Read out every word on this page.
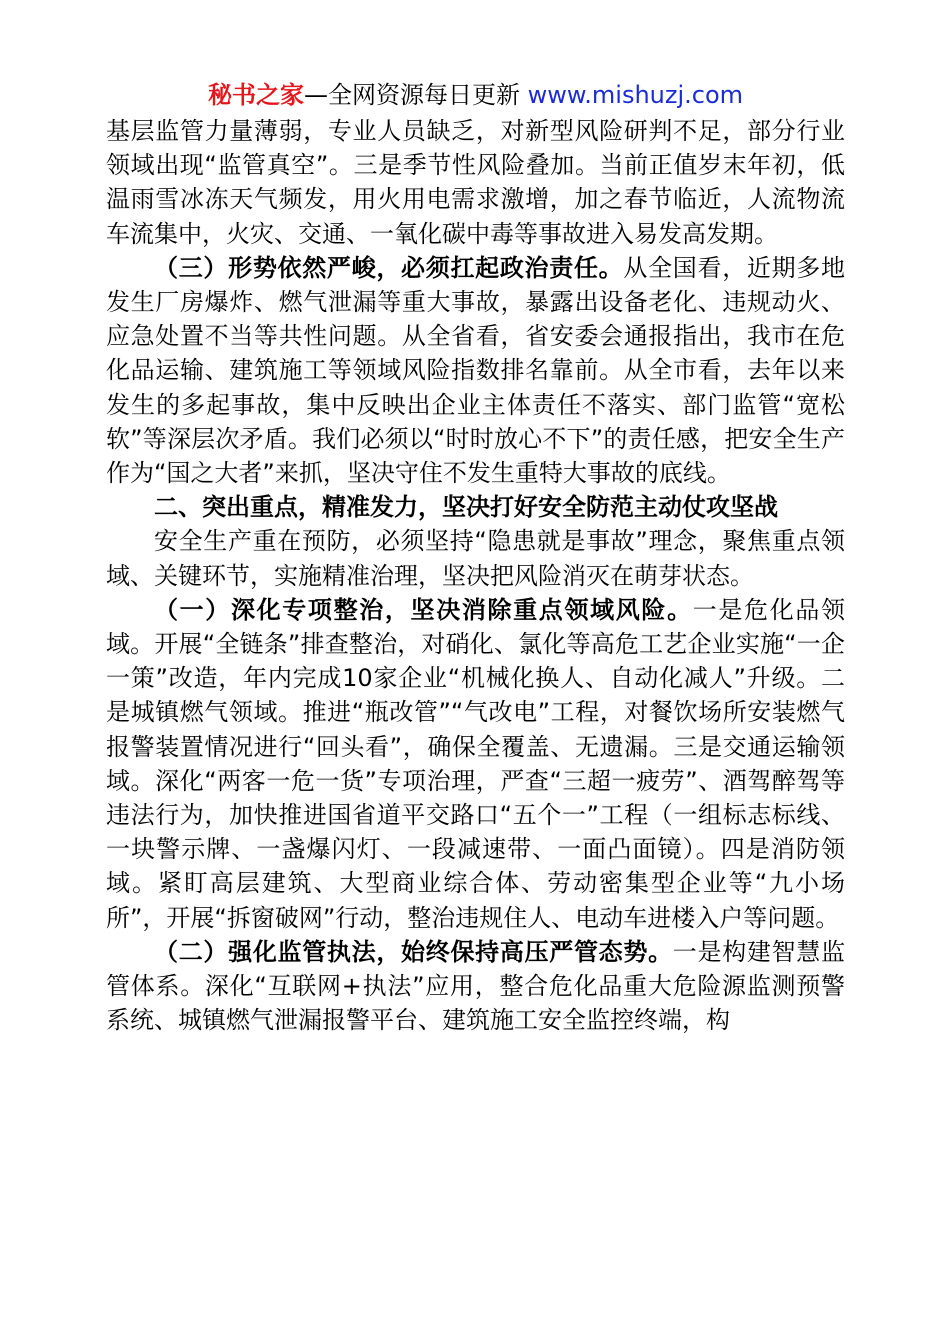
秘书之家—全网资源每日更新 www.mishuzj.com

基层监管力量薄弱，专业人员缺乏，对新型风险研判不足，部分行业领域出现“监管真空”。三是季节性风险叠加。当前正值岁末年初，低温雨雪冰冻天气频发，用火用电需求激增，加之春节临近，人流物流车流集中，火灾、交通、一氧化碳中毒等事故进入易发高发期。

（三）形势依然严峻，必须扛起政治责任。从全国看，近期多地发生厂房爆炸、燃气泄漏等重大事故，暴露出设备老化、违规动火、应急处置不当等共性问题。从全省看，省安委会通报指出，我市在危化品运输、建筑施工等领域风险指数排名靠前。从全市看，去年以来发生的多起事故，集中反映出企业主体责任不落实、部门监管“宽松软”等深层次矛盾。我们必须以“时时放心不下”的责任感，把安全生产作为“国之大者”来抓，坚决守住不发生重特大事故的底线。

二、突出重点，精准发力，坚决打好安全防范主动仗攻坚战

安全生产重在预防，必须坚持“隐患就是事故”理念，聚焦重点领域、关键环节，实施精准治理，坚决把风险消灭在萌芽状态。

（一）深化专项整治，坚决消除重点领域风险。一是危化品领域。开展“全链条”排查整治，对硝化、氯化等高危工艺企业实施“一企一策”改造，年内完成10家企业“机械化换人、自动化减人”升级。二是城镇燃气领域。推进“瓶改管”“气改电”工程，对餐饮场所安装燃气报警装置情况进行“回头看”，确保全覆盖、无遗漏。三是交通运输领域。深化“两客一危一货”专项治理，严查“三超一疲劳”、酒驾醉驾等违法行为，加快推进国省道平交路口“五个一”工程（一组标志标线、一块警示牌、一盏爆闪灯、一段减速带、一面凸面镜）。四是消防领域。紧盯高层建筑、大型商业综合体、劳动密集型企业等“九小场所”，开展“拆窗破网”行动，整治违规住人、电动车进楼入户等问题。

（二）强化监管执法，始终保持高压严管态势。一是构建智慧监管体系。深化“互联网+执法”应用，整合危化品重大危险源监测预警系统、城镇燃气泄漏报警平台、建筑施工安全监控终端，构
